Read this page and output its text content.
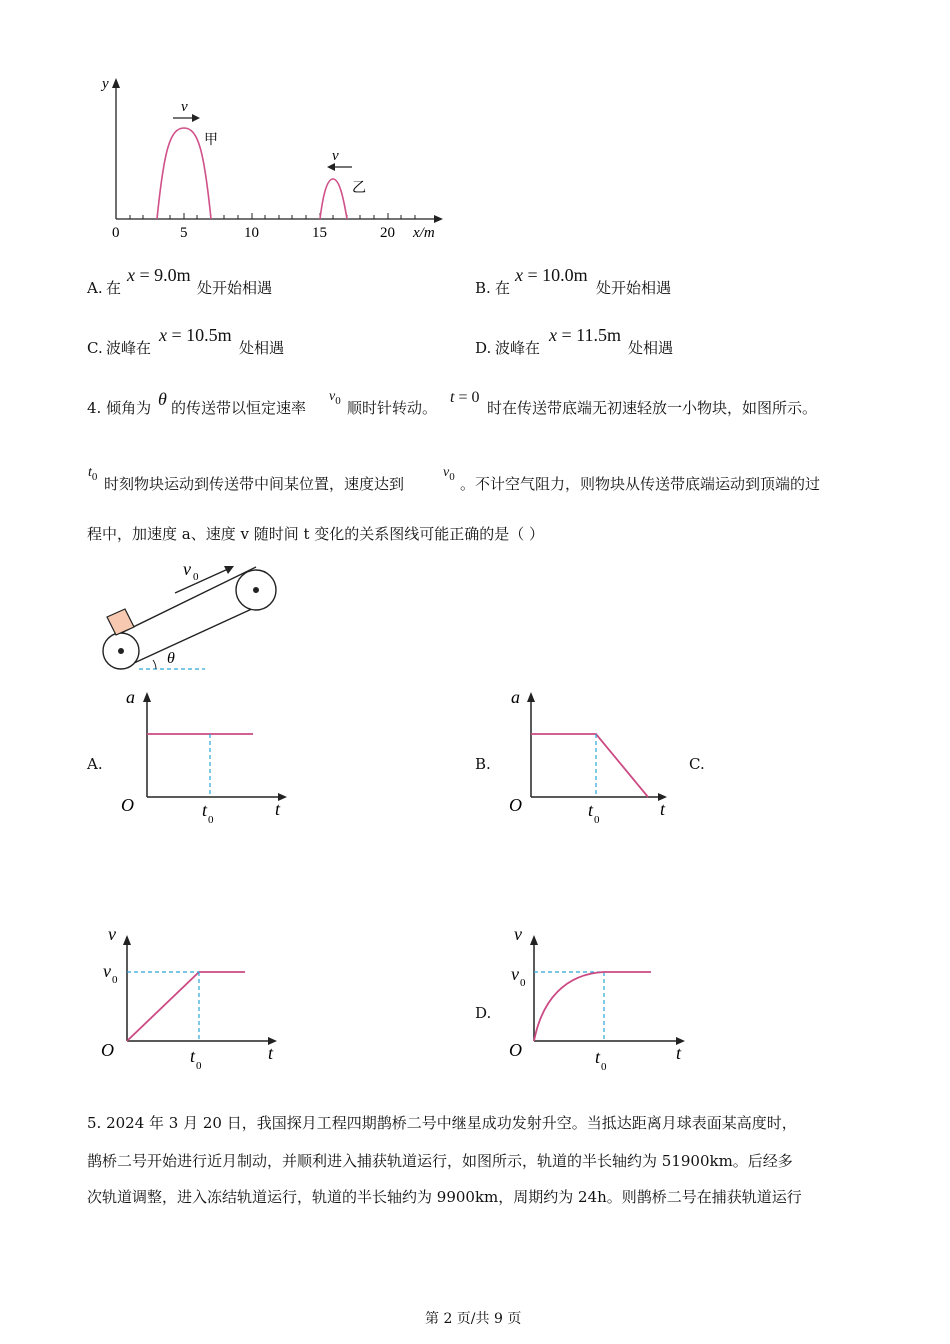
y
x/m
0	5	10	15	20
v
v
甲
乙
A. 在
x = 9.0m
处开始相遇	B. 在
x = 10.0m
处开始相遇
C. 波峰在
x = 10.5m
处相遇	D. 波峰在
x = 11.5m
处相遇
4. 倾角为 θ 的传送带以恒定速率
$v_0$ 顺时针转动。
t = 0
时在传送带底端无初速轻放一小物块，如图所示。
$t_0$ 时刻物块运动到传送带中间某位置，速度达到
$v_0$ 。不计空气阻力，则物块从传送带底端运动到顶端的过
程中，加速度 a、速度 v 随时间 t 变化的关系图线可能正确的是（ ）
θ
v 0
A.
a
O	t
t 0
B.
a
O	t
t 0
C.
v
v 0
O	t
t 0
D.
v
v 0
O	t
t 0
5. 2024 年 3 月 20 日，我国探月工程四期鹊桥二号中继星成功发射升空。当抵达距离月球表面某高度时，
鹊桥二号开始进行近月制动，并顺利进入捕获轨道运行，如图所示，轨道的半长轴约为 51900km。后经多
次轨道调整，进入冻结轨道运行，轨道的半长轴约为 9900km，周期约为 24h。则鹊桥二号在捕获轨道运行
第 2 页/共 9 页
